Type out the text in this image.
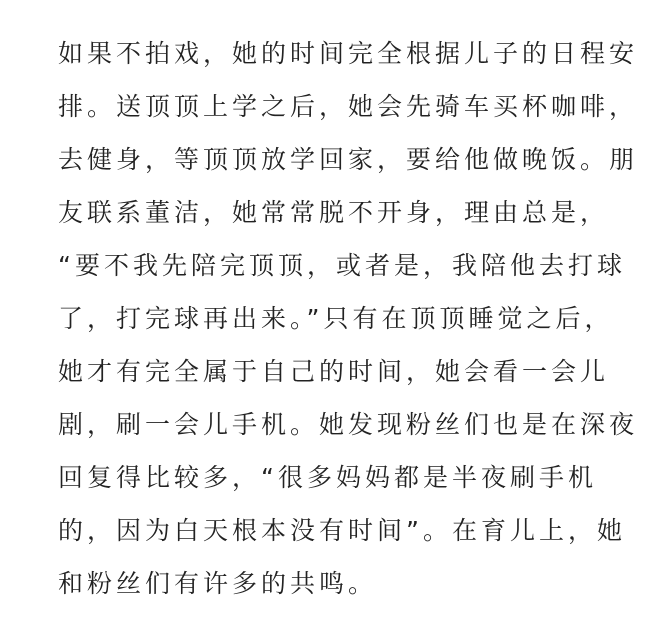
如果不拍戏，她的时间完全根据儿子的日程安
排。送顶顶上学之后，她会先骑车买杯咖啡，
去健身，等顶顶放学回家，要给他做晚饭。朋
友联系董洁，她常常脱不开身，理由总是，
“要不我先陪完顶顶，或者是，我陪他去打球
了，打完球再出来。”只有在顶顶睡觉之后，
她才有完全属于自己的时间，她会看一会儿
剧，刷一会儿手机。她发现粉丝们也是在深夜
回复得比较多，“很多妈妈都是半夜刷手机
的，因为白天根本没有时间”。在育儿上，她
和粉丝们有许多的共鸣。
